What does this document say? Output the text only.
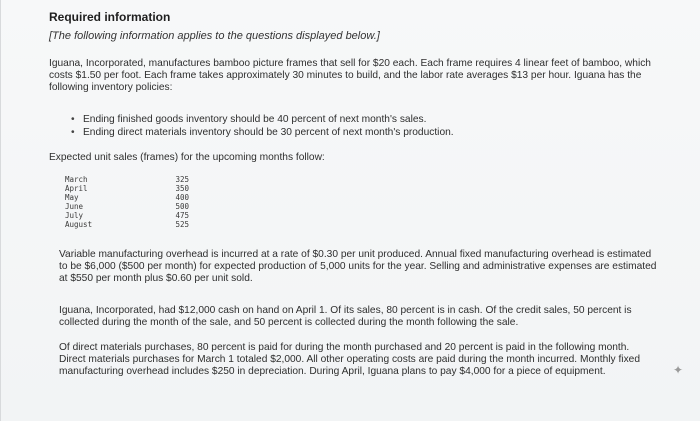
Required information
[The following information applies to the questions displayed below.]
Iguana, Incorporated, manufactures bamboo picture frames that sell for $20 each. Each frame requires 4 linear feet of bamboo, which costs $1.50 per foot. Each frame takes approximately 30 minutes to build, and the labor rate averages $13 per hour. Iguana has the following inventory policies:
• Ending finished goods inventory should be 40 percent of next month's sales.
• Ending direct materials inventory should be 30 percent of next month's production.
Expected unit sales (frames) for the upcoming months follow:
March	325
April	350
May	400
June	500
July	475
August	525
Variable manufacturing overhead is incurred at a rate of $0.30 per unit produced. Annual fixed manufacturing overhead is estimated to be $6,000 ($500 per month) for expected production of 5,000 units for the year. Selling and administrative expenses are estimated at $550 per month plus $0.60 per unit sold.
Iguana, Incorporated, had $12,000 cash on hand on April 1. Of its sales, 80 percent is in cash. Of the credit sales, 50 percent is collected during the month of the sale, and 50 percent is collected during the month following the sale.
Of direct materials purchases, 80 percent is paid for during the month purchased and 20 percent is paid in the following month. Direct materials purchases for March 1 totaled $2,000. All other operating costs are paid during the month incurred. Monthly fixed manufacturing overhead includes $250 in depreciation. During April, Iguana plans to pay $4,000 for a piece of equipment.	✦
